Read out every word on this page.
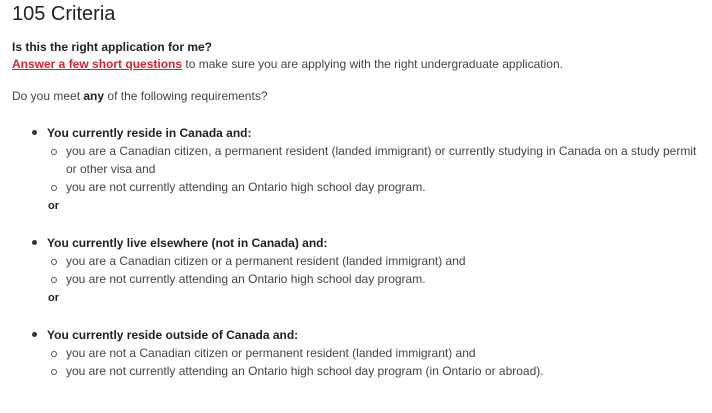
105 Criteria
Is this the right application for me?
Answer a few short questions to make sure you are applying with the right undergraduate application.
Do you meet any of the following requirements?
You currently reside in Canada and:
you are a Canadian citizen, a permanent resident (landed immigrant) or currently studying in Canada on a study permit or other visa and
you are not currently attending an Ontario high school day program.
or
You currently live elsewhere (not in Canada) and:
you are a Canadian citizen or a permanent resident (landed immigrant) and
you are not currently attending an Ontario high school day program.
or
You currently reside outside of Canada and:
you are not a Canadian citizen or permanent resident (landed immigrant) and
you are not currently attending an Ontario high school day program (in Ontario or abroad).
